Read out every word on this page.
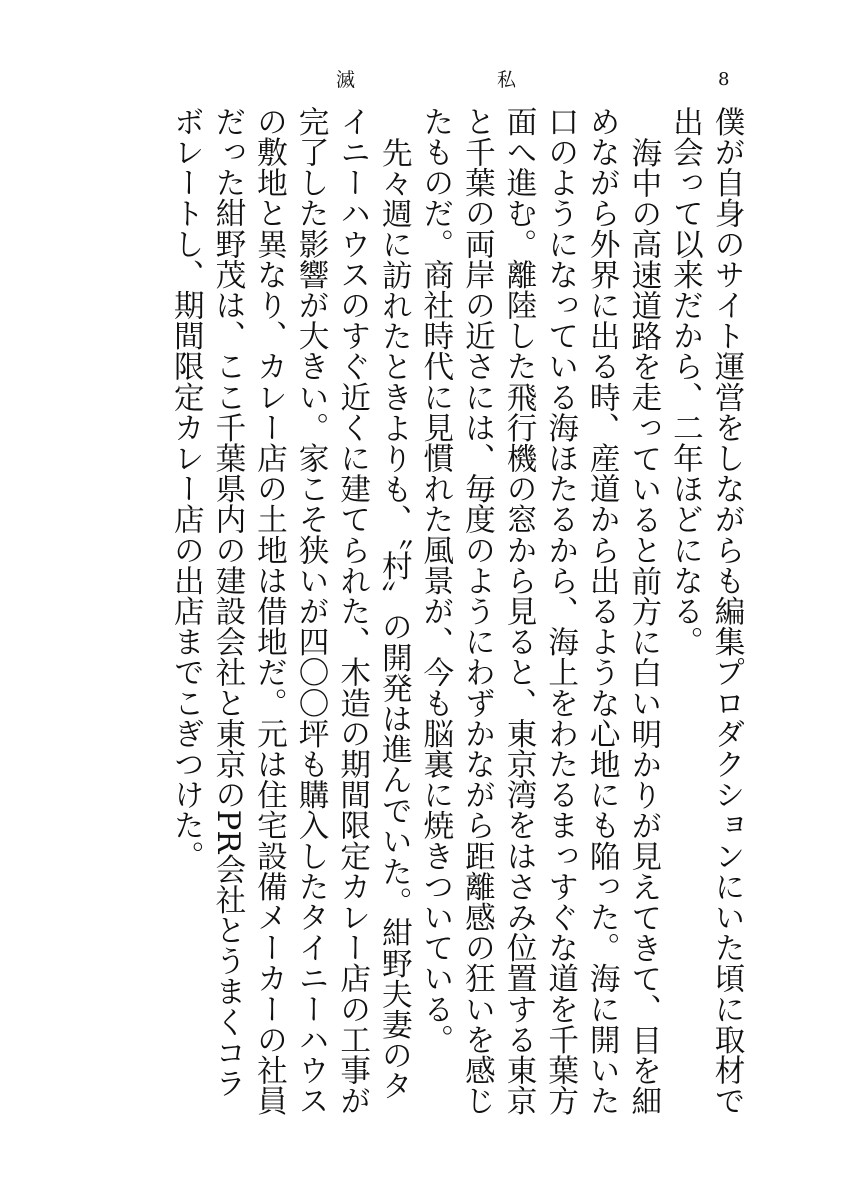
滅	私	8

僕が自身のサイト運営をしながらも編集プロダクションにいた頃に取材で出会って以来だから、二年ほどになる。

海中の高速道路を走っていると前方に白い明かりが見えてきて、目を細めながら外界に出る時、産道から出るような心地にも陥った。海に開いた口のようになっている海ほたるから、海上をわたるまっすぐな道を千葉方面へ進む。離陸した飛行機の窓から見ると、東京湾をはさみ位置する東京と千葉の両岸の近さには、毎度のようにわずかながら距離感の狂いを感じたものだ。商社時代に見慣れた風景が、今も脳裏に焼きついている。

先々週に訪れたときよりも、〝村〟の開発は進んでいた。紺野夫妻のタイニーハウスのすぐ近くに建てられた、木造の期間限定カレー店の工事が完了した影響が大きい。家こそ狭いが四〇〇坪も購入したタイニーハウスの敷地と異なり、カレー店の土地は借地だ。元は住宅設備メーカーの社員だった紺野茂は、ここ千葉県内の建設会社と東京のPR会社とうまくコラボレートし、期間限定カレー店の出店までこぎつけた。
